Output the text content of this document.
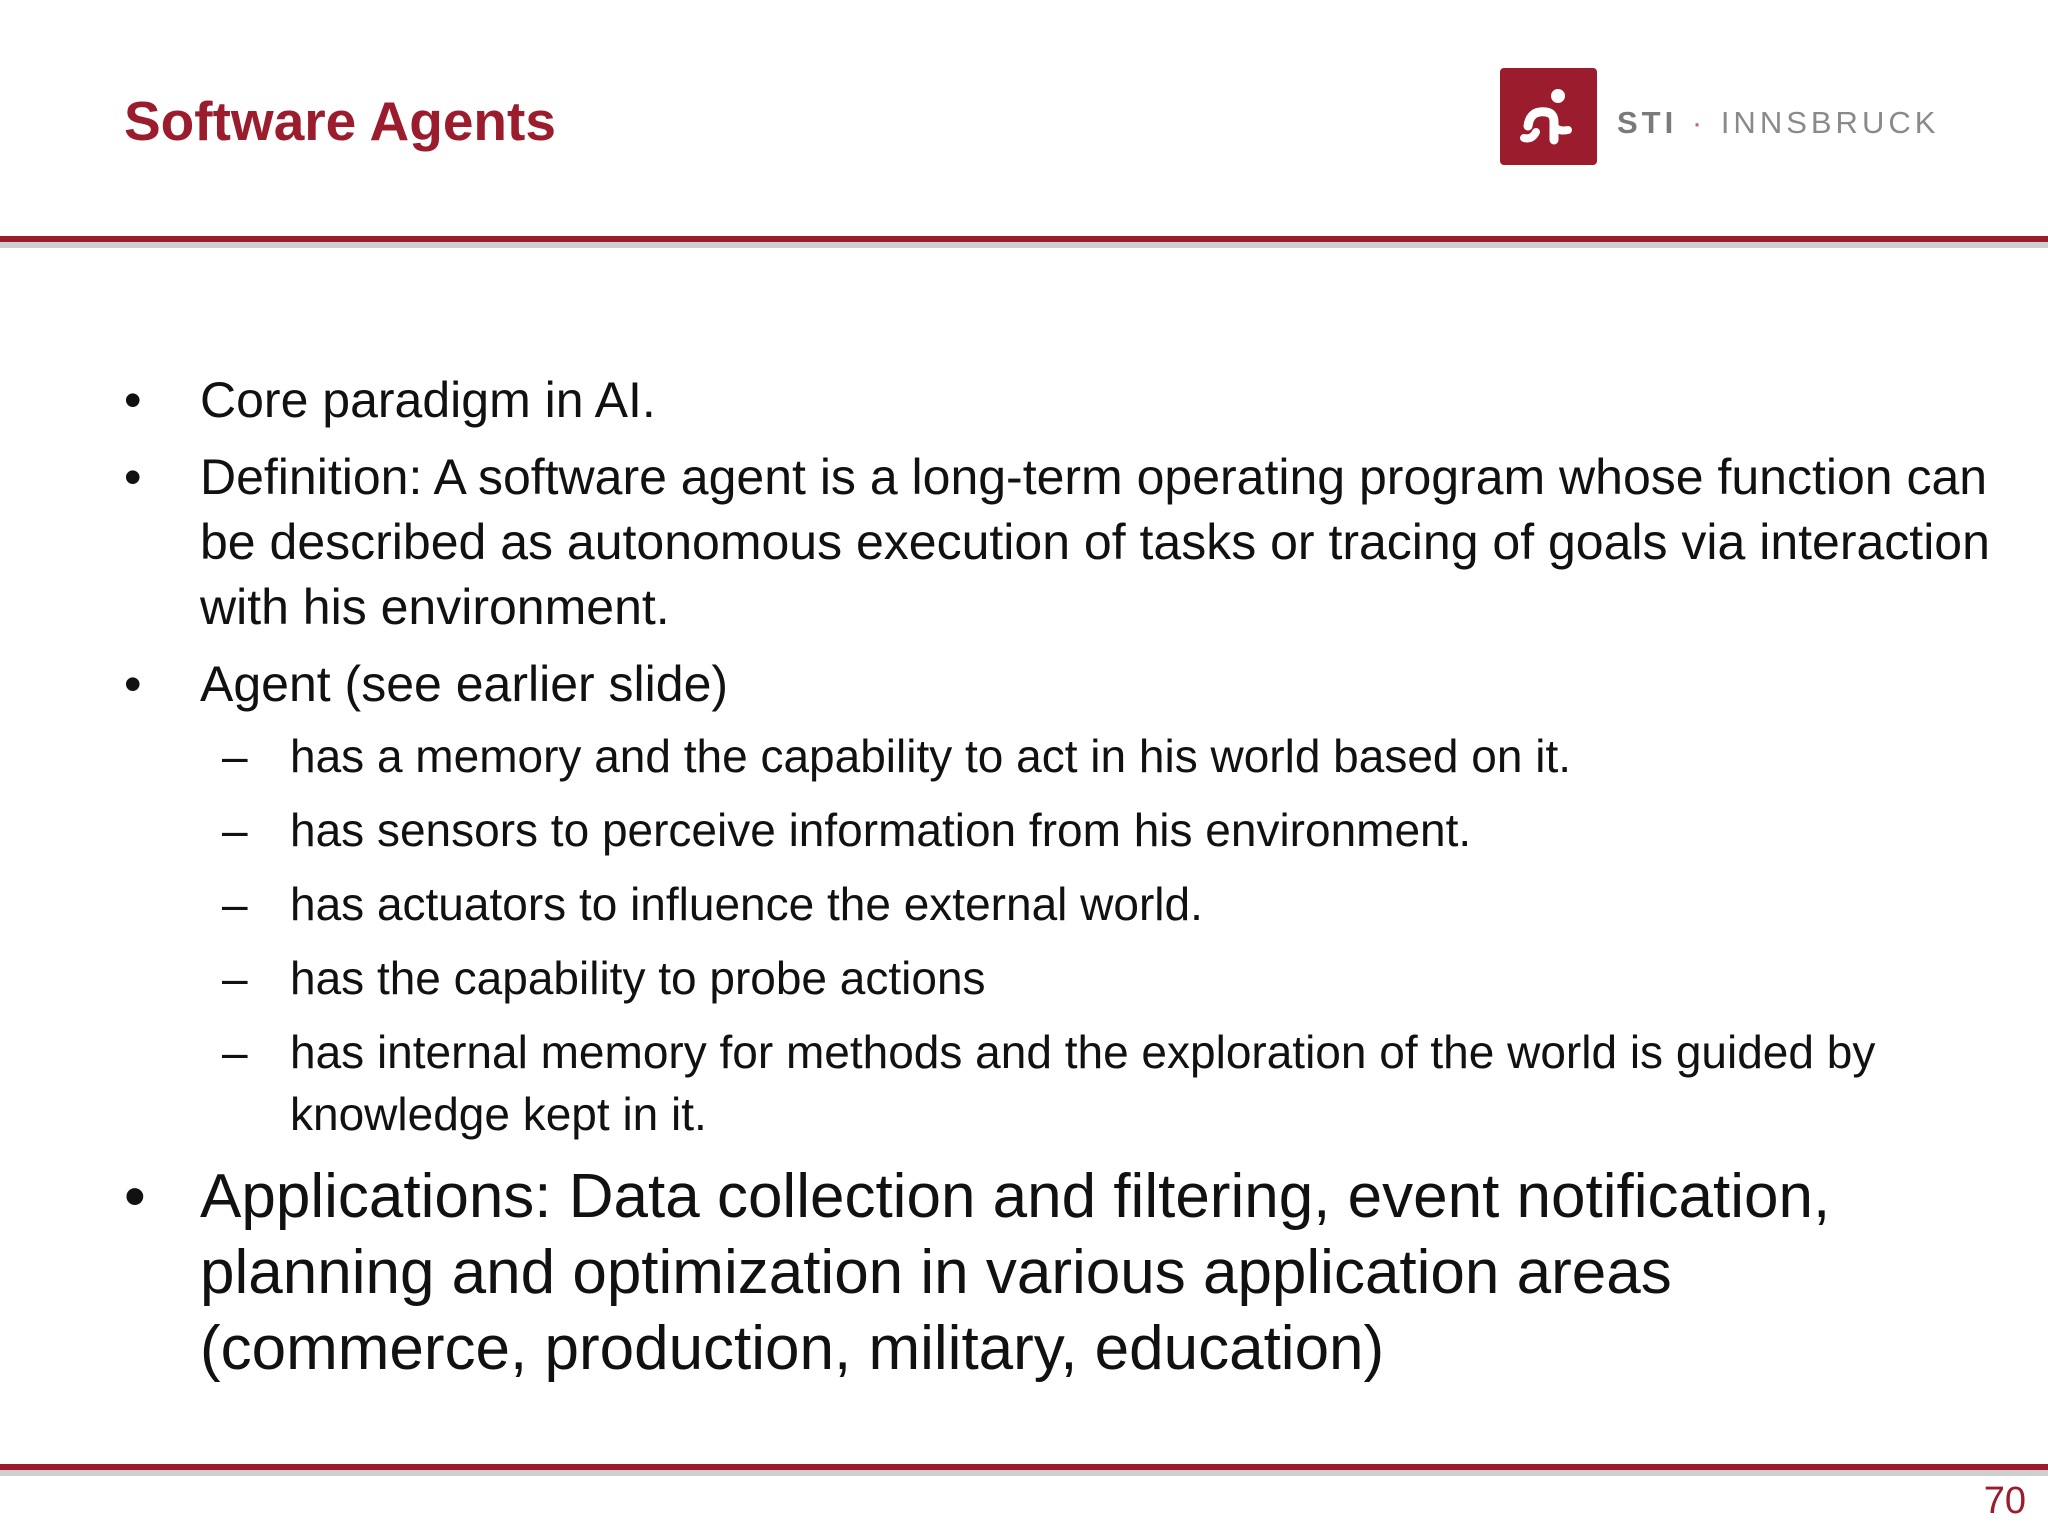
Software Agents	STI · INNSBRUCK
• Core paradigm in AI.
• Definition: A software agent is a long-term operating program whose function can be described as autonomous execution of tasks or tracing of goals via interaction with his environment.
• Agent (see earlier slide)
– has a memory and the capability to act in his world based on it.
– has sensors to perceive information from his environment.
– has actuators to influence the external world.
– has the capability to probe actions
– has internal memory for methods and the exploration of the world is guided by knowledge kept in it.
• Applications: Data collection and filtering, event notification, planning and optimization in various application areas (commerce, production, military, education)
70
